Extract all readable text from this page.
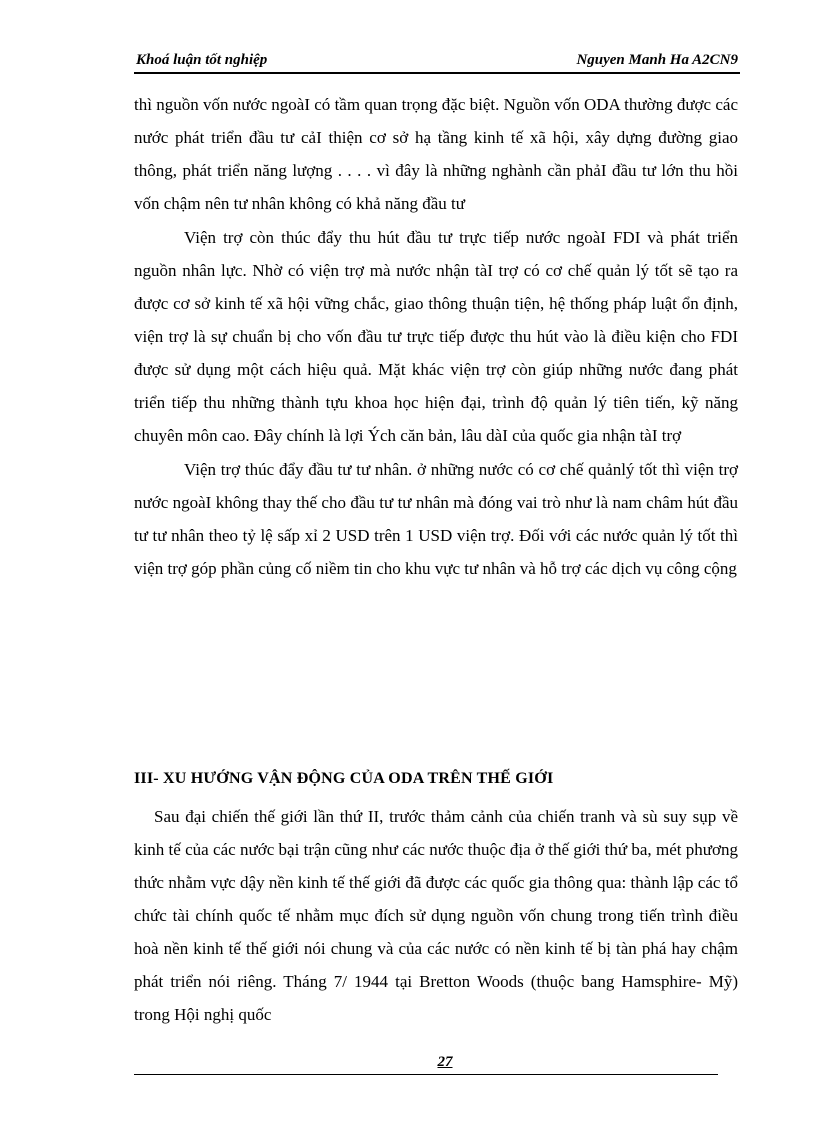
Khoá luận tốt nghiệp	Nguyen Manh Ha A2CN9

thì nguồn vốn nước ngoàI có tầm quan trọng đặc biệt. Nguồn vốn ODA thường được các nước phát triển đầu tư cảI thiện cơ sở hạ tầng kinh tế xã hội, xây dựng đường giao thông, phát triển năng lượng . . . . vì đây là những nghành cần phảI đầu tư lớn thu hồi vốn chậm nên tư nhân không có khả năng đầu tư

Viện trợ còn thúc đẩy thu hút đầu tư trực tiếp nước ngoàI FDI và phát triển nguồn nhân lực. Nhờ có viện trợ mà nước nhận tàI trợ có cơ chế quản lý tốt sẽ tạo ra được cơ sở kinh tế xã hội vững chắc, giao thông thuận tiện, hệ thống pháp luật ổn định, viện trợ là sự chuẩn bị cho vốn đầu tư trực tiếp được thu hút vào là điều kiện cho FDI được sử dụng một cách hiệu quả. Mặt khác viện trợ còn giúp những nước đang phát triển tiếp thu những thành tựu khoa học hiện đại, trình độ quản lý tiên tiến, kỹ năng chuyên môn cao. Đây chính là lợi Ých căn bản, lâu dàI của quốc gia nhận tàI trợ

Viện trợ thúc đẩy đầu tư tư nhân. ở những nước có cơ chế quảnlý tốt thì viện trợ nước ngoàI không thay thế cho đầu tư tư nhân mà đóng vai trò như là nam châm hút đầu tư tư nhân theo tỷ lệ sấp xỉ 2 USD trên 1 USD viện trợ. Đối với các nước quản lý tốt thì viện trợ góp phần củng cố niềm tin cho khu vực tư nhân và hỗ trợ các dịch vụ công cộng

III- XU HƯỚNG VẬN ĐỘNG CỦA ODA TRÊN THẾ GIỚI

Sau đại chiến thế giới lần thứ II, trước thảm cảnh của chiến tranh và sù suy sụp về kinh tế của các nước bại trận cũng như các nước thuộc địa ở thế giới thứ ba, mét phương thức nhằm vực dậy nền kinh tế thế giới đã được các quốc gia thông qua: thành lập các tổ chức tài chính quốc tế nhằm mục đích sử dụng nguồn vốn chung trong tiến trình điều hoà nền kinh tế thế giới nói chung và của các nước có nền kinh tế bị tàn phá hay chậm phát triển nói riêng. Tháng 7/ 1944 tại Bretton Woods (thuộc bang Hamsphire- Mỹ) trong Hội nghị quốc

27
